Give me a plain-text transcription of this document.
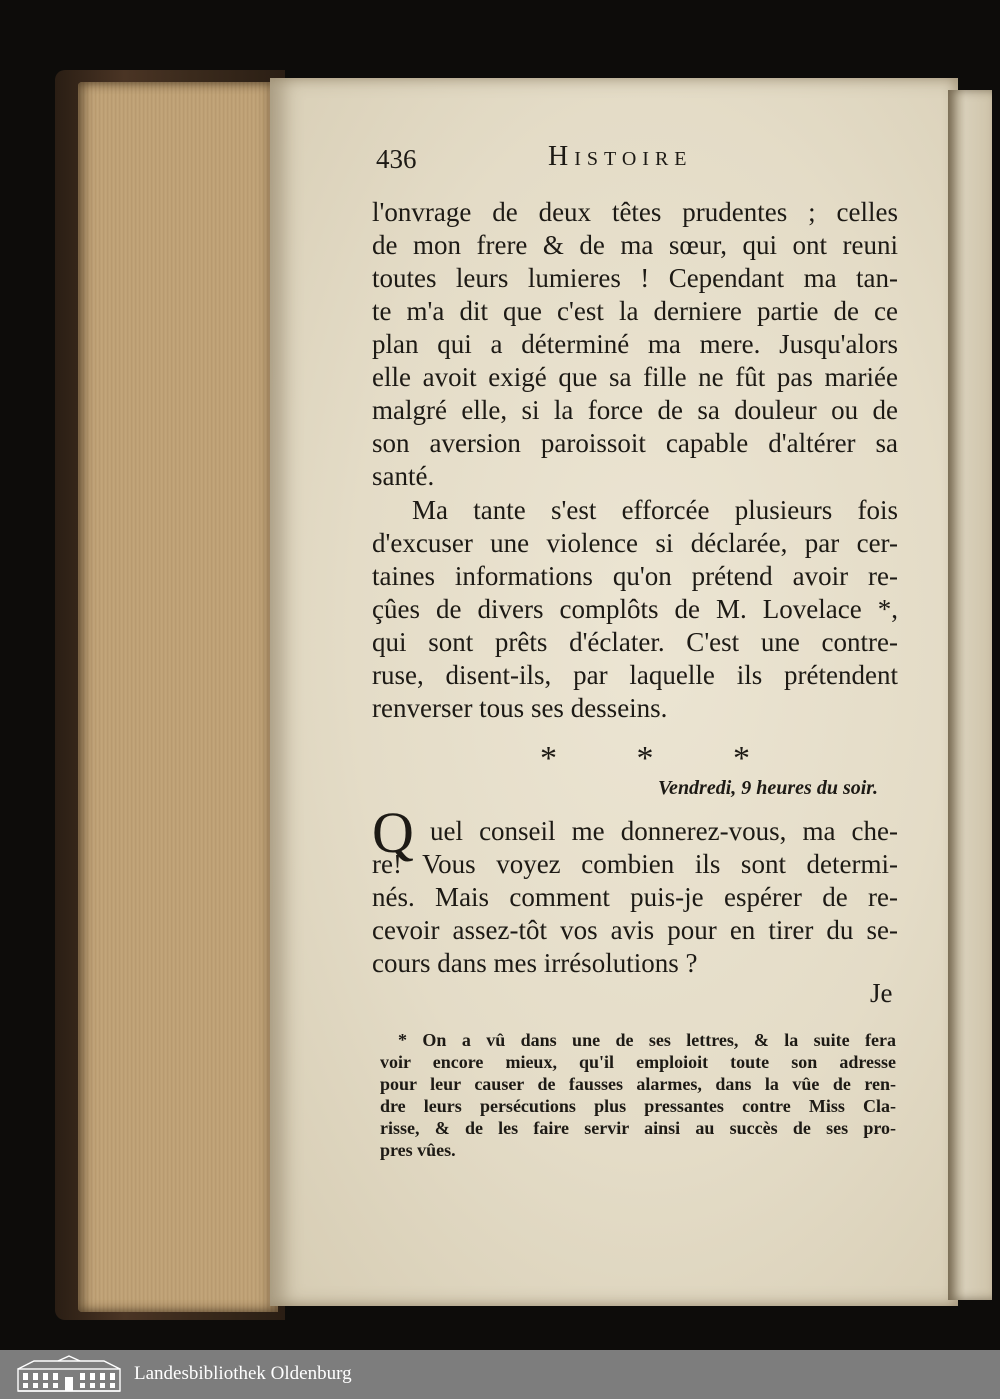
436	Histoire
l'onvrage de deux têtes prudentes ; celles
de mon frere & de ma sœur, qui ont reuni
toutes leurs lumieres ! Cependant ma tan-
te m'a dit que c'est la derniere partie de ce
plan qui a déterminé ma mere. Jusqu'alors
elle avoit exigé que sa fille ne fût pas mariée
malgré elle, si la force de sa douleur ou de
son aversion paroissoit capable d'altérer sa
santé.
Ma tante s'est efforcée plusieurs fois
d'excuser une violence si déclarée, par cer-
taines informations qu'on prétend avoir re-
çûes de divers complôts de M. Lovelace *,
qui sont prêts d'éclater. C'est une contre-
ruse, disent-ils, par laquelle ils prétendent
renverser tous ses desseins.
* * *
Vendredi, 9 heures du soir.
Q uel conseil me donnerez-vous, ma che-
re! Vous voyez combien ils sont determi-
nés. Mais comment puis-je espérer de re-
cevoir assez-tôt vos avis pour en tirer du se-
cours dans mes irrésolutions ?
Je
* On a vû dans une de ses lettres, & la suite fera
voir encore mieux, qu'il emploioit toute son adresse
pour leur causer de fausses alarmes, dans la vûe de ren-
dre leurs persécutions plus pressantes contre Miss Cla-
risse, & de les faire servir ainsi au succès de ses pro-
pres vûes.
Landesbibliothek Oldenburg
